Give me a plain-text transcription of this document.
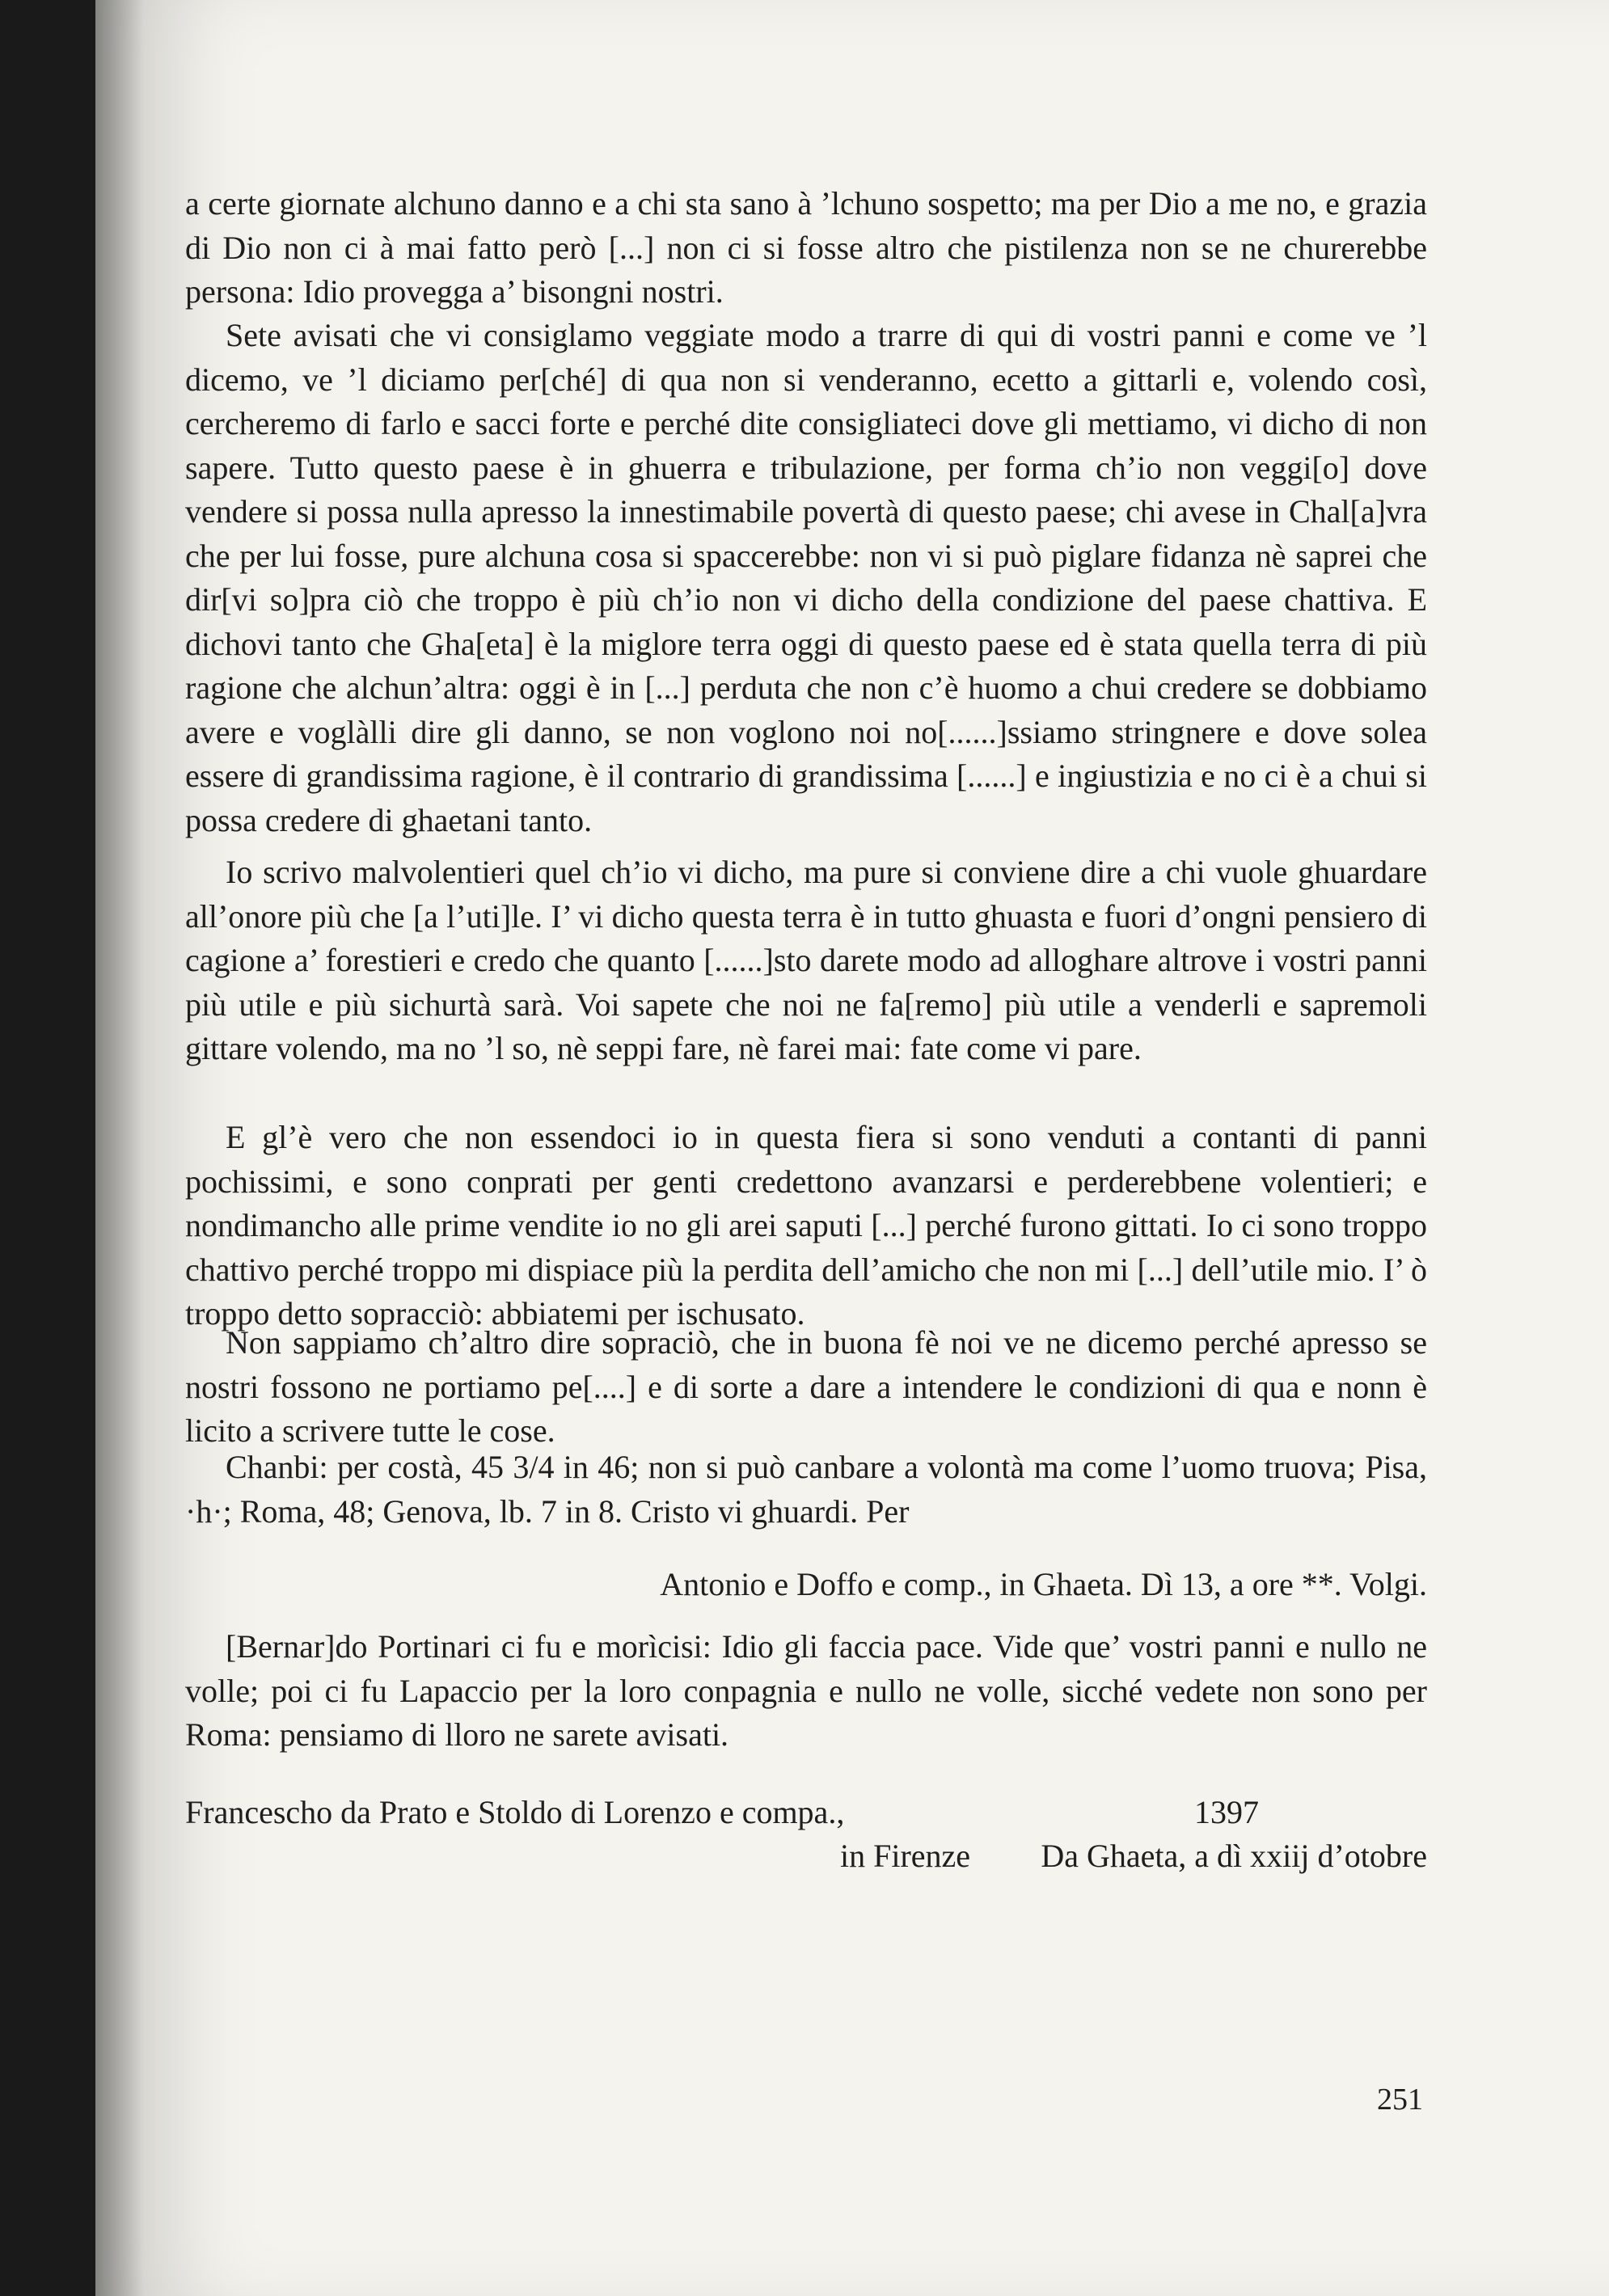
a certe giornate alchuno danno e a chi sta sano à ’lchuno sospetto; ma per Dio a me no, e grazia di Dio non ci à mai fatto però [...] non ci si fosse altro che pistilenza non se ne churerebbe persona: Idio provegga a’ bisongni nostri.

Sete avisati che vi consiglamo veggiate modo a trarre di qui di vostri panni e come ve ’l dicemo, ve ’l diciamo per[ché] di qua non si venderanno, ecetto a gittarli e, volendo così, cercheremo di farlo e sacci forte e perché dite consigliateci dove gli mettiamo, vi dicho di non sapere. Tutto questo paese è in ghuerra e tribulazione, per forma ch’io non veggi[o] dove vendere si possa nulla apresso la innestimabile povertà di questo paese; chi avese in Chal[a]vra che per lui fosse, pure alchuna cosa si spaccerebbe: non vi si può piglare fidanza nè saprei che dir[vi so]pra ciò che troppo è più ch’io non vi dicho della condizione del paese chattiva. E dichovi tanto che Gha[eta] è la miglore terra oggi di questo paese ed è stata quella terra di più ragione che alchun’altra: oggi è in [...] perduta che non c’è huomo a chui credere se dobbiamo avere e voglàlli dire gli danno, se non voglono noi no[......]ssiamo stringnere e dove solea essere di grandissima ragione, è il contrario di grandissima [......] e ingiustizia e no ci è a chui si possa credere di ghaetani tanto.

Io scrivo malvolentieri quel ch’io vi dicho, ma pure si conviene dire a chi vuole ghuardare all’onore più che [a l’uti]le. I’ vi dicho questa terra è in tutto ghuasta e fuori d’ongni pensiero di cagione a’ forestieri e credo che quanto [......]sto darete modo ad alloghare altrove i vostri panni più utile e più sichurtà sarà. Voi sapete che noi ne fa[remo] più utile a venderli e sapremoli gittare volendo, ma no ’l so, nè seppi fare, nè farei mai: fate come vi pare.

E gl’è vero che non essendoci io in questa fiera si sono venduti a contanti di panni pochissimi, e sono conprati per genti credettono avanzarsi e perderebbene volentieri; e nondimancho alle prime vendite io no gli arei saputi [...] perché furono gittati. Io ci sono troppo chattivo perché troppo mi dispiace più la perdita dell’amicho che non mi [...] dell’utile mio. I’ ò troppo detto sopracciò: abbiatemi per ischusato.

Non sappiamo ch’altro dire sopraciò, che in buona fè noi ve ne dicemo perché apresso se nostri fossono ne portiamo pe[....] e di sorte a dare a intendere le condizioni di qua e nonn è licito a scrivere tutte le cose.

Chanbi: per costà, 45 3/4 in 46; non si può canbare a volontà ma come l’uomo truova; Pisa, ·h·; Roma, 48; Genova, lb. 7 in 8. Cristo vi ghuardi. Per

Antonio e Doffo e comp., in Ghaeta. Dì 13, a ore **. Volgi.

[Bernar]do Portinari ci fu e morìcisi: Idio gli faccia pace. Vide que’ vostri panni e nullo ne volle; poi ci fu Lapaccio per la loro conpagnia e nullo ne volle, sicché vedete non sono per Roma: pensiamo di lloro ne sarete avisati.

Francescho da Prato e Stoldo di Lorenzo e compa.,	1397

in Firenze Da Ghaeta, a dì xxiij d’otobre

251
